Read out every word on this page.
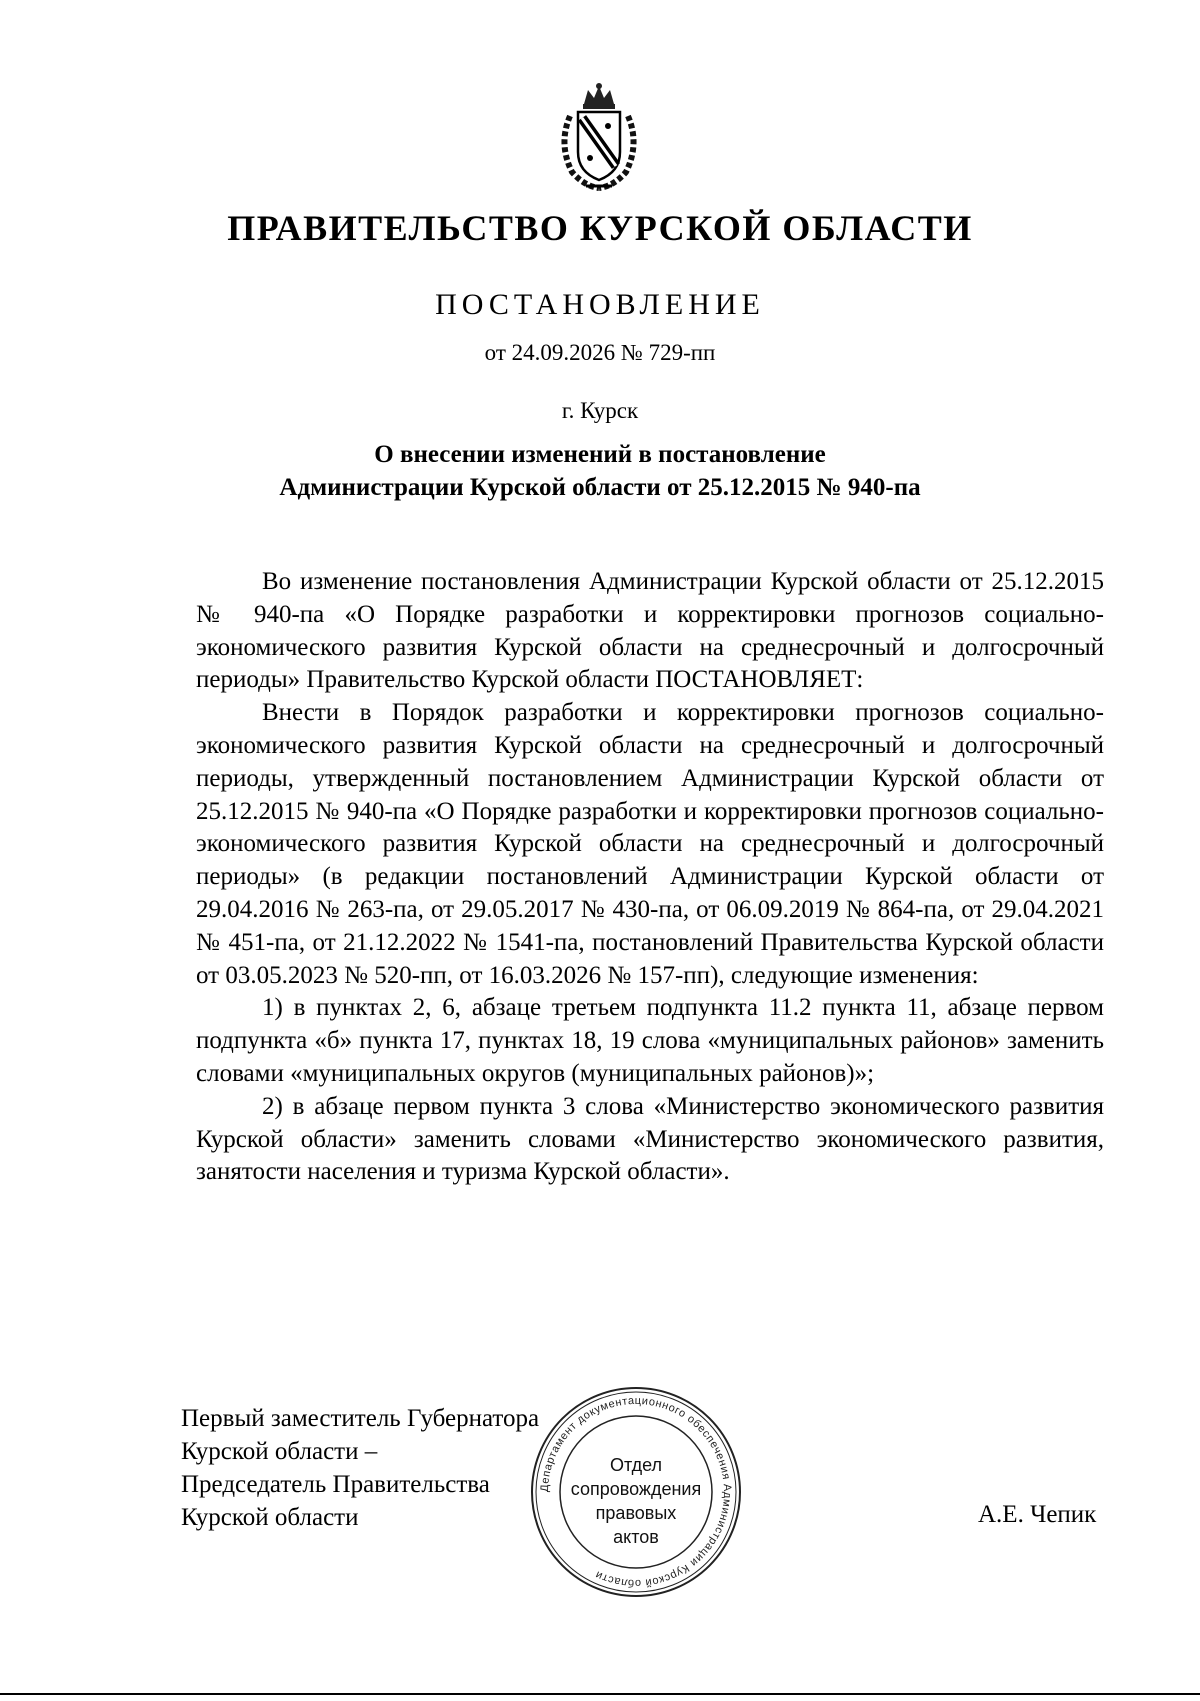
ПРАВИТЕЛЬСТВО КУРСКОЙ ОБЛАСТИ
ПОСТАНОВЛЕНИЕ
от 24.09.2026 № 729-пп
г. Курск
О внесении изменений в постановление
Администрации Курской области от 25.12.2015 № 940-па

Во изменение постановления Администрации Курской области от 25.12.2015 № 940-па «О Порядке разработки и корректировки прогнозов социально-экономического развития Курской области на среднесрочный и долгосрочный периоды» Правительство Курской области ПОСТАНОВЛЯЕТ:

Внести в Порядок разработки и корректировки прогнозов социально-экономического развития Курской области на среднесрочный и долгосрочный периоды, утвержденный постановлением Администрации Курской области от 25.12.2015 № 940-па «О Порядке разработки и корректировки прогнозов социально-экономического развития Курской области на среднесрочный и долгосрочный периоды» (в редакции постановлений Администрации Курской области от 29.04.2016 № 263-па, от 29.05.2017 № 430-па, от 06.09.2019 № 864-па, от 29.04.2021 № 451-па, от 21.12.2022 № 1541-па, постановлений Правительства Курской области от 03.05.2023 № 520-пп, от 16.03.2026 № 157-пп), следующие изменения:

1) в пунктах 2, 6, абзаце третьем подпункта 11.2 пункта 11, абзаце первом подпункта «б» пункта 17, пунктах 18, 19 слова «муниципальных районов» заменить словами «муниципальных округов (муниципальных районов)»;

2) в абзаце первом пункта 3 слова «Министерство экономического развития Курской области» заменить словами «Министерство экономического развития, занятости населения и туризма Курской области».

Первый заместитель Губернатора
Курской области –
Председатель Правительства
Курской области	А.Е. Чепик
Департамент документационного обеспечения Администрации Курской области
Отдел
сопровождения
правовых
актов
